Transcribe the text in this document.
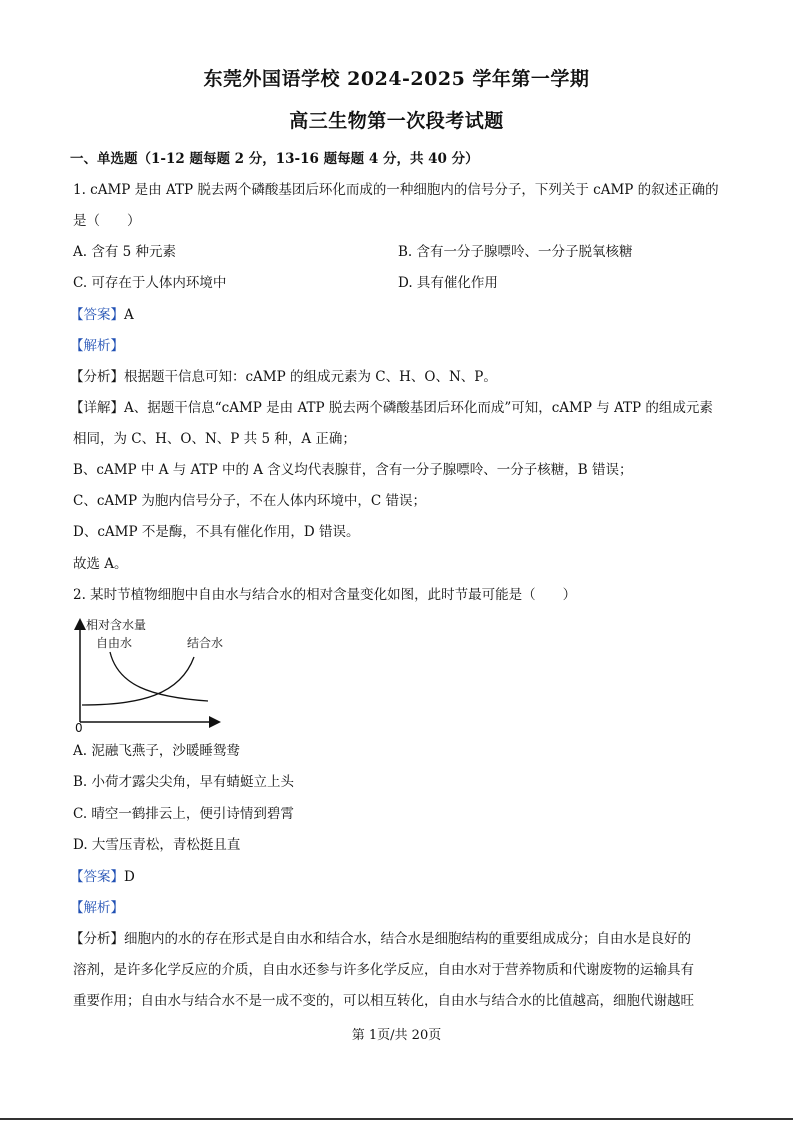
东莞外国语学校 2024-2025 学年第一学期
高三生物第一次段考试题
一、单选题（1-12 题每题 2 分，13-16 题每题 4 分，共 40 分）
1. cAMP 是由 ATP 脱去两个磷酸基团后环化而成的一种细胞内的信号分子，下列关于 cAMP 的叙述正确的
是（　　）
A. 含有 5 种元素	B. 含有一分子腺嘌呤、一分子脱氧核糖
C. 可存在于人体内环境中	D. 具有催化作用
【答案】A
【解析】
【分析】根据题干信息可知：cAMP 的组成元素为 C、H、O、N、P。
【详解】A、据题干信息“cAMP 是由 ATP 脱去两个磷酸基团后环化而成”可知，cAMP 与 ATP 的组成元素
相同，为 C、H、O、N、P 共 5 种，A 正确；
B、cAMP 中 A 与 ATP 中的 A 含义均代表腺苷，含有一分子腺嘌呤、一分子核糖，B 错误；
C、cAMP 为胞内信号分子，不在人体内环境中，C 错误；
D、cAMP 不是酶，不具有催化作用，D 错误。
故选 A。
2. 某时节植物细胞中自由水与结合水的相对含量变化如图，此时节最可能是（　　）
相对含水量
自由水	结合水
0
A. 泥融飞燕子，沙暖睡鸳鸯
B. 小荷才露尖尖角，早有蜻蜓立上头
C. 晴空一鹤排云上，便引诗情到碧霄
D. 大雪压青松，青松挺且直
【答案】D
【解析】
【分析】细胞内的水的存在形式是自由水和结合水，结合水是细胞结构的重要组成成分；自由水是良好的
溶剂，是许多化学反应的介质，自由水还参与许多化学反应，自由水对于营养物质和代谢废物的运输具有
重要作用；自由水与结合水不是一成不变的，可以相互转化，自由水与结合水的比值越高，细胞代谢越旺
第 1页/共 20页
